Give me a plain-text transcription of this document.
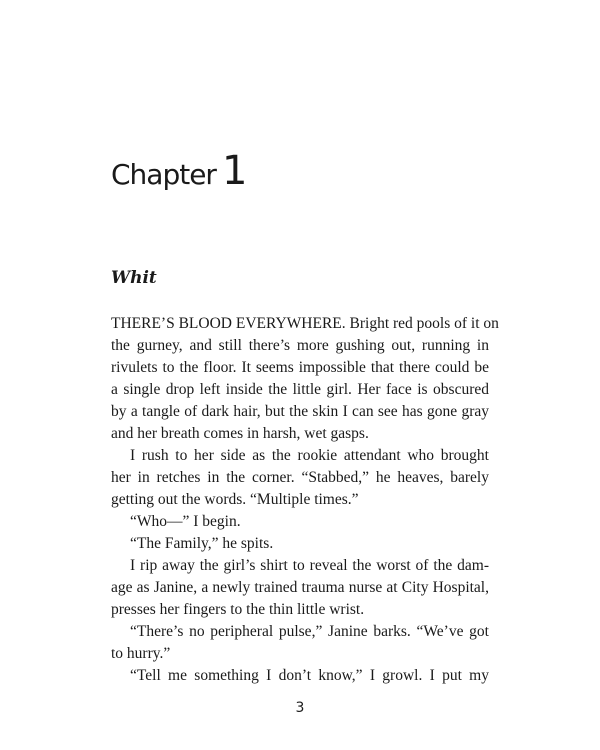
Chapter 1
Whit
THERE’S BLOOD EVERYWHERE. Bright red pools of it on
the gurney, and still there’s more gushing out, running in
rivulets to the floor. It seems impossible that there could be
a single drop left inside the little girl. Her face is obscured
by a tangle of dark hair, but the skin I can see has gone gray
and her breath comes in harsh, wet gasps.
I rush to her side as the rookie attendant who brought
her in retches in the corner. “Stabbed,” he heaves, barely
getting out the words. “Multiple times.”
“Who—” I begin.
“The Family,” he spits.
I rip away the girl’s shirt to reveal the worst of the dam-
age as Janine, a newly trained trauma nurse at City Hospital,
presses her fingers to the thin little wrist.
“There’s no peripheral pulse,” Janine barks. “We’ve got
to hurry.”
“Tell me something I don’t know,” I growl. I put my
3
